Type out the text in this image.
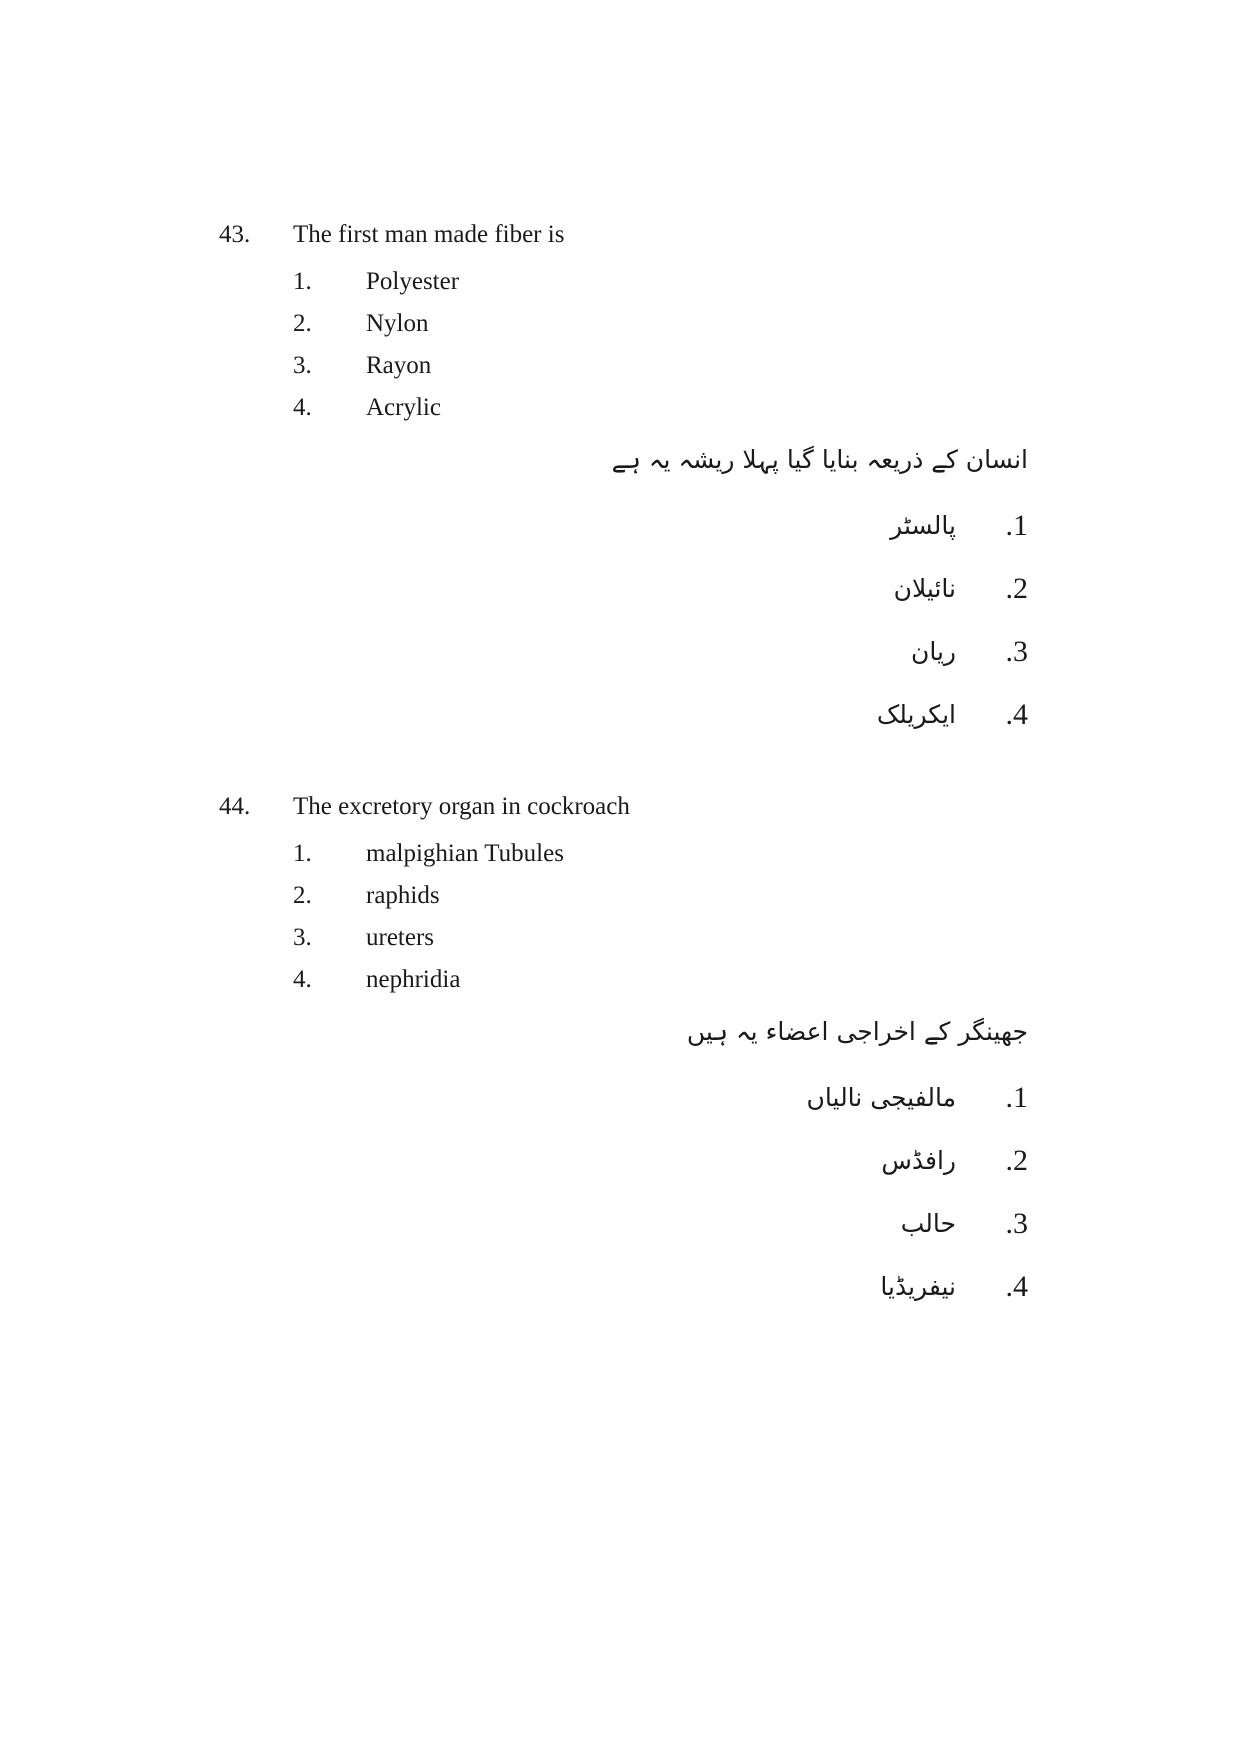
43. The first man made fiber is
1. Polyester
2. Nylon
3. Rayon
4. Acrylic
انسان کے ذریعہ بنایا گیا پہلا ریشہ یہ ہے
.1
پالسٹر
.2
نائیلان
.3
ریان
.4
ایکریلک
44. The excretory organ in cockroach
1. malpighian Tubules
2. raphids
3. ureters
4. nephridia
جھینگر کے اخراجی اعضاء یہ ہیں
.1
مالفیجی نالیاں
.2
رافڈس
.3
حالب
.4
نیفریڈیا
